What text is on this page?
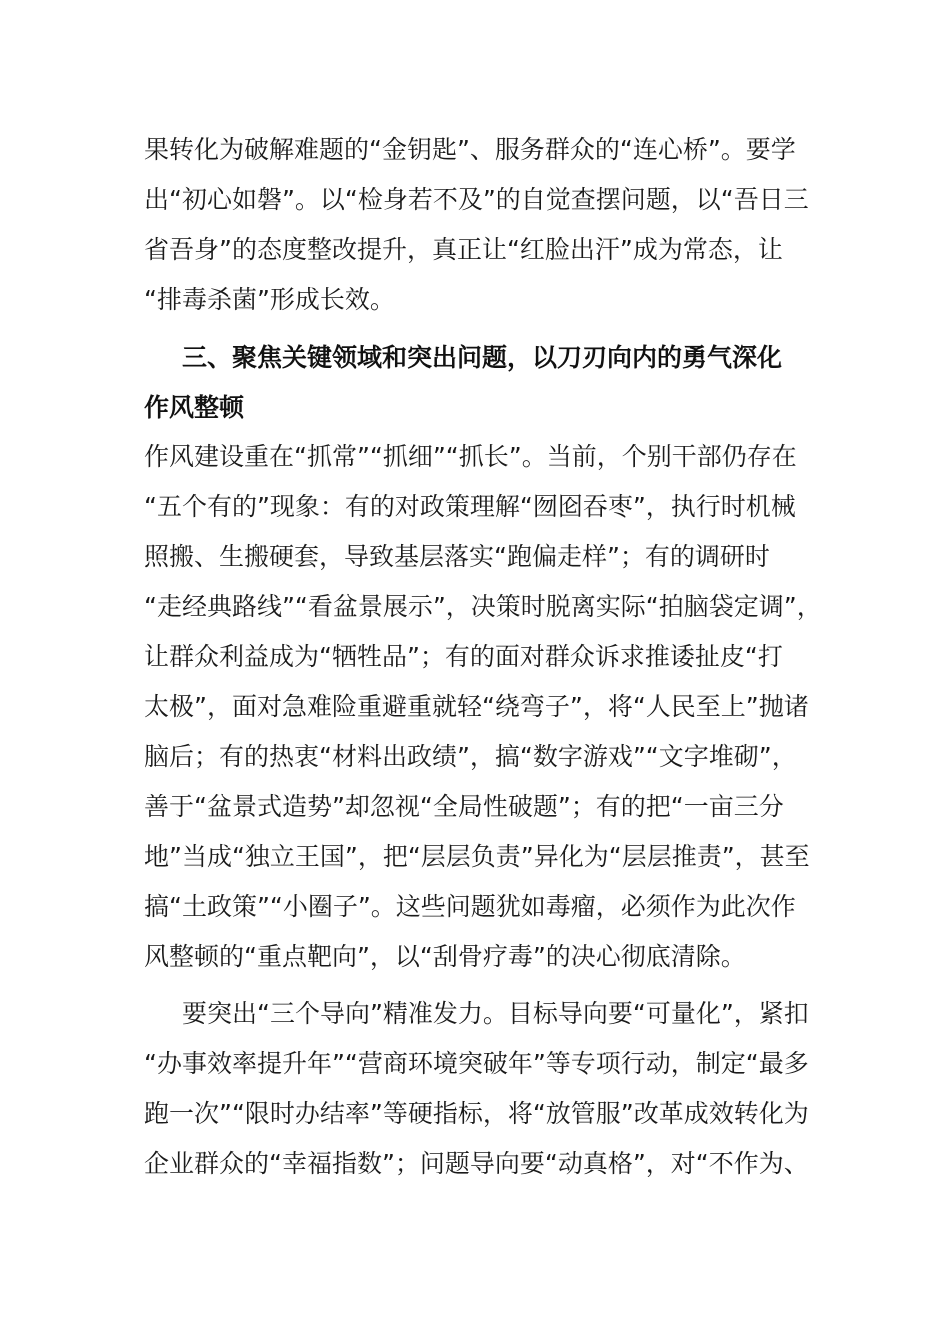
果转化为破解难题的“金钥匙”、服务群众的“连心桥”。要学
出“初心如磐”。以“检身若不及”的自觉查摆问题，以“吾日三
省吾身”的态度整改提升，真正让“红脸出汗”成为常态，让
“排毒杀菌”形成长效。
三、聚焦关键领域和突出问题，以刀刃向内的勇气深化
作风整顿
作风建设重在“抓常”“抓细”“抓长”。当前，个别干部仍存在
“五个有的”现象：有的对政策理解“囫囵吞枣”，执行时机械
照搬、生搬硬套，导致基层落实“跑偏走样”；有的调研时
“走经典路线”“看盆景展示”，决策时脱离实际“拍脑袋定调”，
让群众利益成为“牺牲品”；有的面对群众诉求推诿扯皮“打
太极”，面对急难险重避重就轻“绕弯子”，将“人民至上”抛诸
脑后；有的热衷“材料出政绩”，搞“数字游戏”“文字堆砌”，
善于“盆景式造势”却忽视“全局性破题”；有的把“一亩三分
地”当成“独立王国”，把“层层负责”异化为“层层推责”，甚至
搞“土政策”“小圈子”。这些问题犹如毒瘤，必须作为此次作
风整顿的“重点靶向”，以“刮骨疗毒”的决心彻底清除。
要突出“三个导向”精准发力。目标导向要“可量化”，紧扣
“办事效率提升年”“营商环境突破年”等专项行动，制定“最多
跑一次”“限时办结率”等硬指标，将“放管服”改革成效转化为
企业群众的“幸福指数”；问题导向要“动真格”，对“不作为、
